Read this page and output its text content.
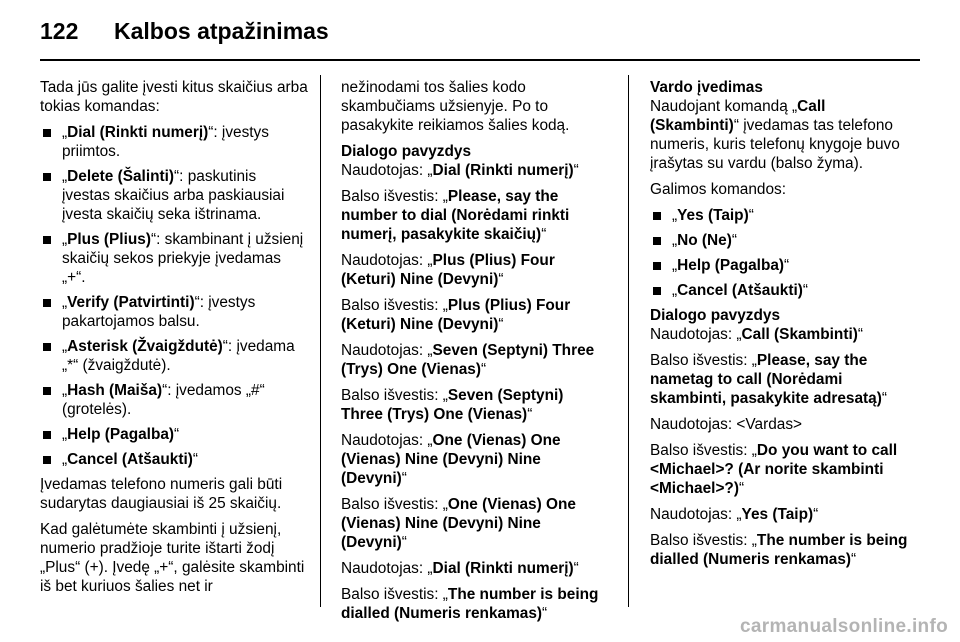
122 Kalbos atpažinimas

Tada jūs galite įvesti kitus skaičius arba tokias komandas:

„Dial (Rinkti numerį)“: įvestys priimtos.
„Delete (Šalinti)“: paskutinis įvestas skaičius arba paskiausiai įvesta skaičių seka ištrinama.
„Plus (Plius)“: skambinant į užsienį skaičių sekos priekyje įvedamas „+“.
„Verify (Patvirtinti)“: įvestys pakartojamos balsu.
„Asterisk (Žvaigždutė)“: įvedama „*“ (žvaigždutė).
„Hash (Maiša)“: įvedamos „#“ (grotelės).
„Help (Pagalba)“
„Cancel (Atšaukti)“

Įvedamas telefono numeris gali būti sudarytas daugiausiai iš 25 skaičių.

Kad galėtumėte skambinti į užsienį, numerio pradžioje turite ištarti žodį „Plus“ (+). Įvedę „+“, galėsite skambinti iš bet kuriuos šalies net ir

nežinodami tos šalies kodo skambučiams užsienyje. Po to pasakykite reikiamos šalies kodą.

Dialogo pavyzdys

Naudotojas: „Dial (Rinkti numerį)“

Balso išvestis: „Please, say the number to dial (Norėdami rinkti numerį, pasakykite skaičių)“

Naudotojas: „Plus (Plius) Four (Keturi) Nine (Devyni)“

Balso išvestis: „Plus (Plius) Four (Keturi) Nine (Devyni)“

Naudotojas: „Seven (Septyni) Three (Trys) One (Vienas)“

Balso išvestis: „Seven (Septyni) Three (Trys) One (Vienas)“

Naudotojas: „One (Vienas) One (Vienas) Nine (Devyni) Nine (Devyni)“

Balso išvestis: „One (Vienas) One (Vienas) Nine (Devyni) Nine (Devyni)“

Naudotojas: „Dial (Rinkti numerį)“

Balso išvestis: „The number is being dialled (Numeris renkamas)“

Vardo įvedimas

Naudojant komandą „Call (Skambinti)“ įvedamas tas telefono numeris, kuris telefonų knygoje buvo įrašytas su vardu (balso žyma).

Galimos komandos:

„Yes (Taip)“
„No (Ne)“
„Help (Pagalba)“
„Cancel (Atšaukti)“
Dialogo pavyzdys

Naudotojas: „Call (Skambinti)“

Balso išvestis: „Please, say the nametag to call (Norėdami skambinti, pasakykite adresatą)“

Naudotojas: <Vardas>

Balso išvestis: „Do you want to call <Michael>? (Ar norite skambinti <Michael>?)“

Naudotojas: „Yes (Taip)“

Balso išvestis: „The number is being dialled (Numeris renkamas)“

carmanualsonline.info
